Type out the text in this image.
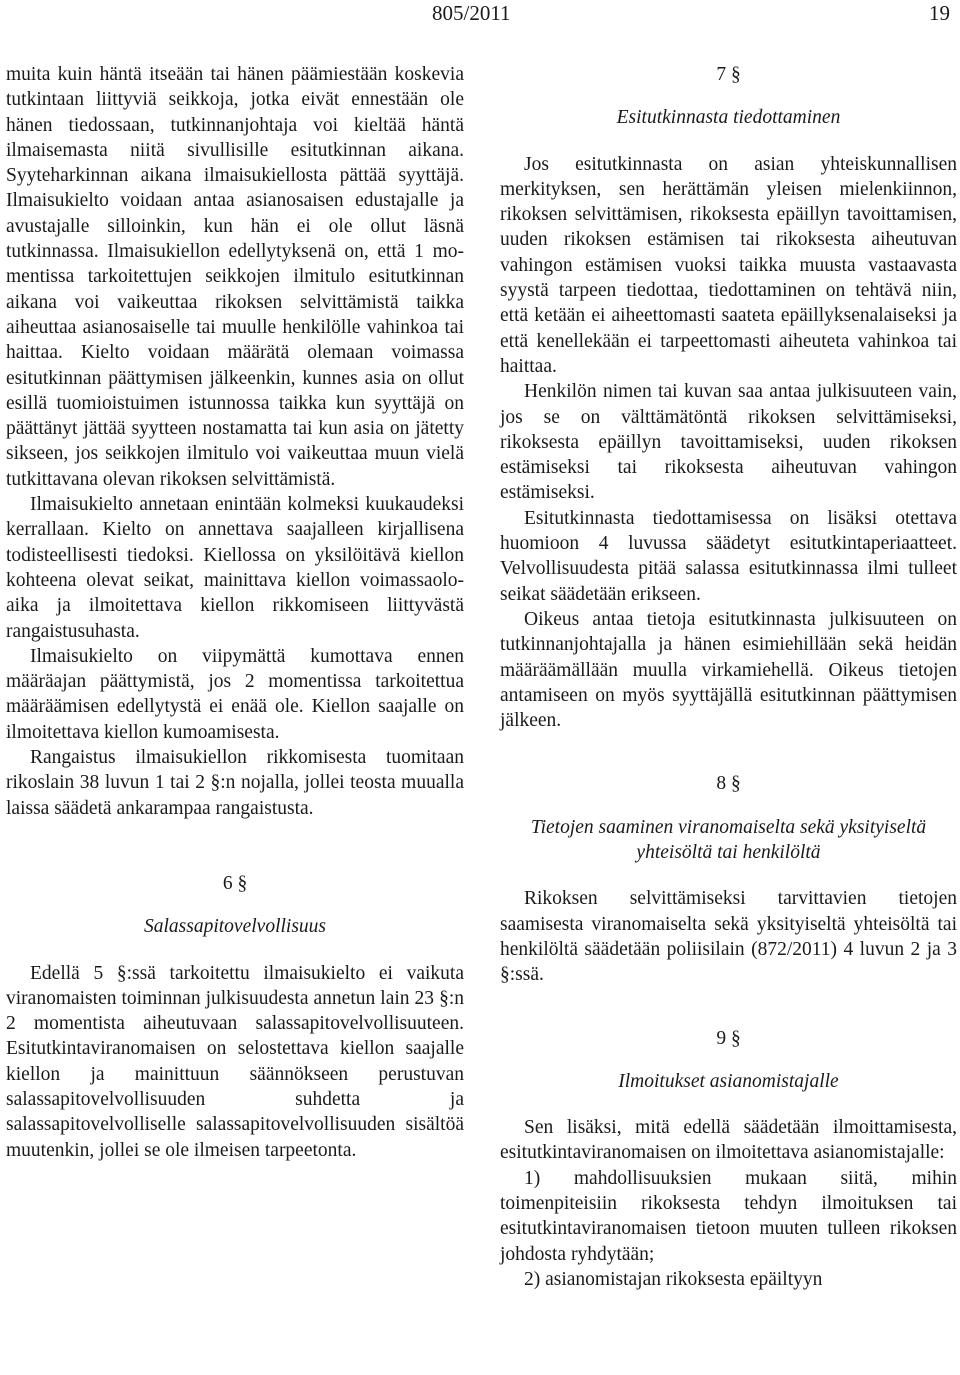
805/2011	19

muita kuin häntä itseään tai hänen päämiestään koskevia tutkintaan liittyviä seikkoja, jotka eivät ennestään ole hänen tiedossaan, tutkinnanjohtaja voi kieltää häntä ilmaisemasta niitä sivullisille esitutkinnan aikana. Syyteharkinnan aikana ilmaisukiellosta pättää syyttäjä. Ilmaisukielto voidaan antaa asianosaisen edustajalle ja avustajalle silloinkin, kun hän ei ole ollut läsnä tutkinnassa. Ilmaisukiellon edellytyksenä on, että 1 momentissa tarkoitettujen seikkojen ilmitulo esitutkinnan aikana voi vaikeuttaa rikoksen selvittämistä taikka aiheuttaa asianosaiselle tai muulle henkilölle vahinkoa tai haittaa. Kielto voidaan määrätä olemaan voimassa esitutkinnan päättymisen jälkeenkin, kunnes asia on ollut esillä tuomioistuimen istunnossa taikka kun syyttäjä on päättänyt jättää syytteen nostamatta tai kun asia on jätetty sikseen, jos seikkojen ilmitulo voi vaikeuttaa muun vielä tutkittavana olevan rikoksen selvittämistä.

Ilmaisukielto annetaan enintään kolmeksi kuukaudeksi kerrallaan. Kielto on annettava saajalleen kirjallisena todisteellisesti tiedoksi. Kiellossa on yksilöitävä kiellon kohteena olevat seikat, mainittava kiellon voimassaoloaika ja ilmoitettava kiellon rikkomiseen liittyvästä rangaistusuhasta.

Ilmaisukielto on viipymättä kumottava ennen määräajan päättymistä, jos 2 momentissa tarkoitettua määräämisen edellytystä ei enää ole. Kiellon saajalle on ilmoitettava kiellon kumoamisesta.

Rangaistus ilmaisukiellon rikkomisesta tuomitaan rikoslain 38 luvun 1 tai 2 §:n nojalla, jollei teosta muualla laissa säädetä ankarampaa rangaistusta.

6 §

Salassapitovelvollisuus

Edellä 5 §:ssä tarkoitettu ilmaisukielto ei vaikuta viranomaisten toiminnan julkisuudesta annetun lain 23 §:n 2 momentista aiheutuvaan salassapitovelvollisuuteen. Esitutkintaviranomaisen on selostettava kiellon saajalle kiellon ja mainittuun säännökseen perustuvan salassapitovelvollisuuden suhdetta ja salassapitovelvolliselle salassapitovelvollisuuden sisältöä muutenkin, jollei se ole ilmeisen tarpeetonta.

7 §

Esitutkinnasta tiedottaminen

Jos esitutkinnasta on asian yhteiskunnallisen merkityksen, sen herättämän yleisen mielenkiinnon, rikoksen selvittämisen, rikoksesta epäillyn tavoittamisen, uuden rikoksen estämisen tai rikoksesta aiheutuvan vahingon estämisen vuoksi taikka muusta vastaavasta syystä tarpeen tiedottaa, tiedottaminen on tehtävä niin, että ketään ei aiheettomasti saateta epäillyksenalaiseksi ja että kenellekään ei tarpeettomasti aiheuteta vahinkoa tai haittaa.

Henkilön nimen tai kuvan saa antaa julkisuuteen vain, jos se on välttämätöntä rikoksen selvittämiseksi, rikoksesta epäillyn tavoittamiseksi, uuden rikoksen estämiseksi tai rikoksesta aiheutuvan vahingon estämiseksi.

Esitutkinnasta tiedottamisessa on lisäksi otettava huomioon 4 luvussa säädetyt esitutkintaperiaatteet. Velvollisuudesta pitää salassa esitutkinnassa ilmi tulleet seikat säädetään erikseen.

Oikeus antaa tietoja esitutkinnasta julkisuuteen on tutkinnanjohtajalla ja hänen esimiehillään sekä heidän määräämällään muulla virkamiehellä. Oikeus tietojen antamiseen on myös syyttäjällä esitutkinnan päättymisen jälkeen.

8 §

Tietojen saaminen viranomaiselta sekä yksityiseltä yhteisöltä tai henkilöltä

Rikoksen selvittämiseksi tarvittavien tietojen saamisesta viranomaiselta sekä yksityiseltä yhteisöltä tai henkilöltä säädetään poliisilain (872/2011) 4 luvun 2 ja 3 §:ssä.

9 §

Ilmoitukset asianomistajalle

Sen lisäksi, mitä edellä säädetään ilmoittamisesta, esitutkintaviranomaisen on ilmoitettava asianomistajalle:

1) mahdollisuuksien mukaan siitä, mihin toimenpiteisiin rikoksesta tehdyn ilmoituksen tai esitutkintaviranomaisen tietoon muuten tulleen rikoksen johdosta ryhdytään;

2) asianomistajan rikoksesta epäiltyyn
